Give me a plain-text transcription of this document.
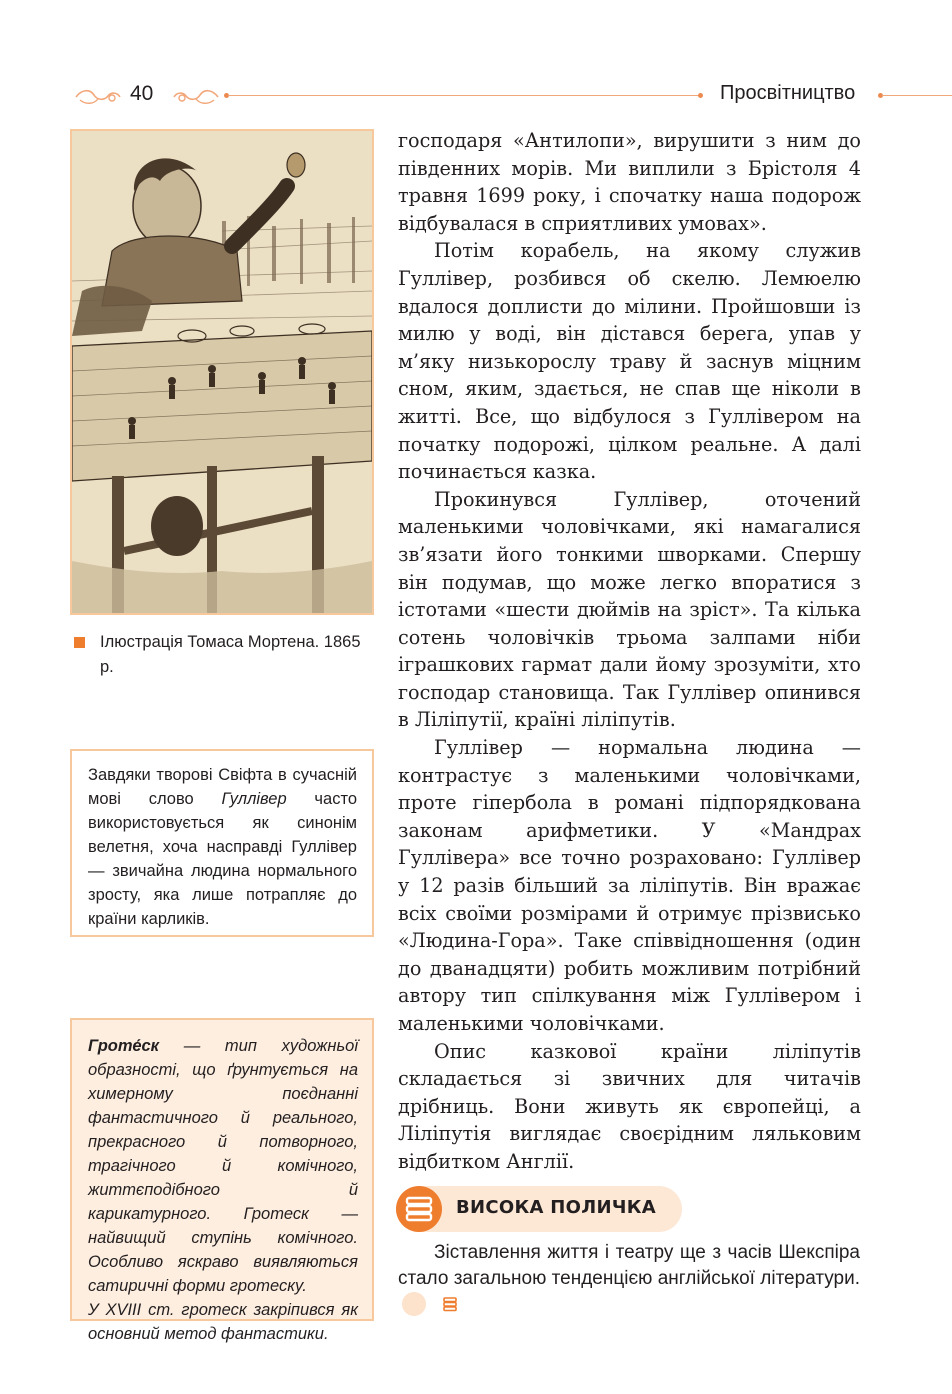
40	Просвітництво
Ілюстрація Томаса Мортена. 1865 р.
Завдяки творові Свіфта в сучасній мові слово Гуллівер часто використовується як синонім велетня, хоча насправді Гуллівер — звичайна людина нормального зросту, яка лише потрапляє до країни карликів.
Гроте́ск — тип художньої образності, що ґрунтується на химерному поєднанні фантастичного й реального, прекрасного й потворного, трагічного й комічного, життєподібного й карикатурного. Гротеск — найвищий ступінь комічного. Особливо яскраво виявляються сатиричні форми гротеску.
У XVIII ст. гротеск закріпився як основний метод фантастики.

господаря «Антилопи», вирушити з ним до південних морів. Ми виплили з Брістоля 4 травня 1699 року, і спочатку наша подорож відбувалася в сприятливих умовах».

Потім корабель, на якому служив Гуллівер, розбився об скелю. Лемюелю вдалося доплисти до мілини. Пройшовши із милю у воді, він дістався берега, упав у м’яку низькорослу траву й заснув міцним сном, яким, здається, не спав ще ніколи в житті. Все, що відбулося з Гуллівером на початку подорожі, цілком реальне. А далі починається казка.

Прокинувся Гуллівер, оточений маленькими чоловічками, які намагалися зв’язати його тонкими шворками. Спершу він подумав, що може легко впоратися з істотами «шести дюймів на зріст». Та кілька сотень чоловічків трьома залпами ніби іграшкових гармат дали йому зрозуміти, хто господар становища. Так Гуллівер опинився в Ліліпутії, країні ліліпутів.

Гуллівер — нормальна людина — контрастує з маленькими чоловічками, проте гіпербола в романі підпорядкована законам арифметики. У «Мандрах Гуллівера» все точно розраховано: Гуллівер у 12 разів більший за ліліпутів. Він вражає всіх своїми розмірами й отримує прізвисько «Людина-Гора». Таке співвідношення (один до дванадцяти) робить можливим потрібний автору тип спілкування між Гуллівером і маленькими чоловічками.

Опис казкової країни ліліпутів складається зі звичних для читачів дрібниць. Вони живуть як європейці, а Ліліпутія виглядає своєрідним ляльковим відбитком Англії.

ВИСОКА ПОЛИЧКА

Зіставлення життя і театру ще з часів Шекспіра стало загальною тенденцією англійської літератури.
